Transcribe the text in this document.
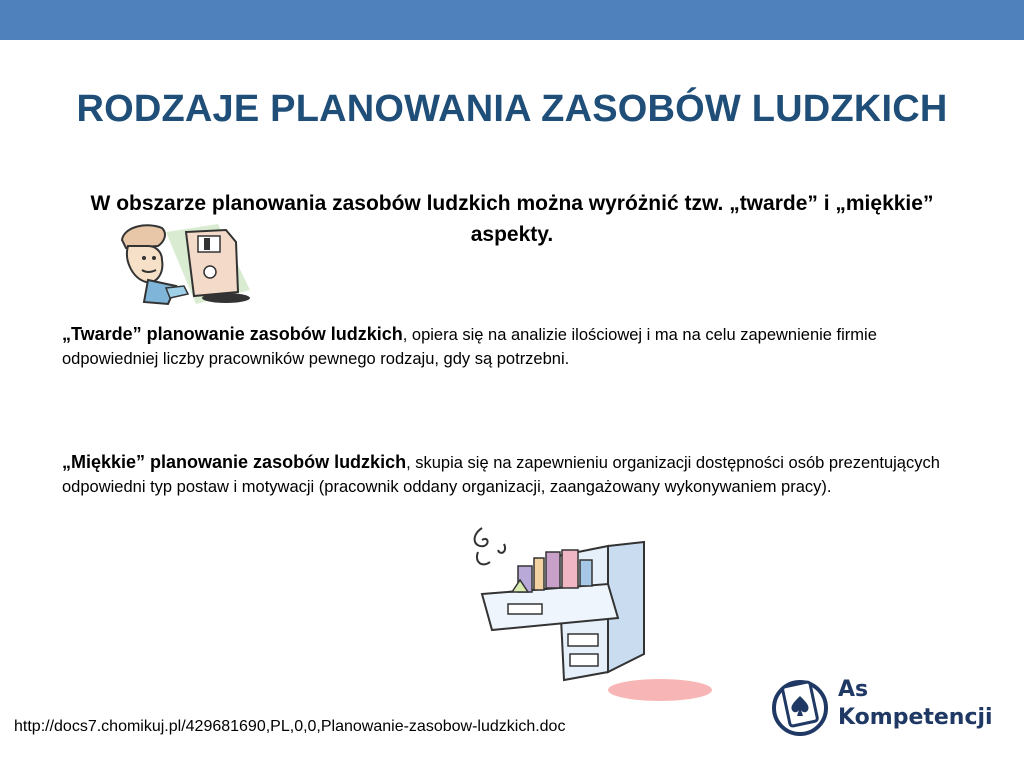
RODZAJE PLANOWANIA ZASOBÓW LUDZKICH
W obszarze planowania zasobów ludzkich można wyróżnić tzw. „twarde” i „miękkie” aspekty.
„Twarde” planowanie zasobów ludzkich, opiera się na analizie ilościowej i ma na celu zapewnienie firmie odpowiedniej liczby pracowników pewnego rodzaju, gdy są potrzebni.
„Miękkie” planowanie zasobów ludzkich, skupia się na zapewnieniu organizacji dostępności osób prezentujących odpowiedni typ postaw i motywacji (pracownik oddany organizacji, zaangażowany wykonywaniem pracy).
http://docs7.chomikuj.pl/429681690,PL,0,0,Planowanie-zasobow-ludzkich.doc
As
Kompetencji
